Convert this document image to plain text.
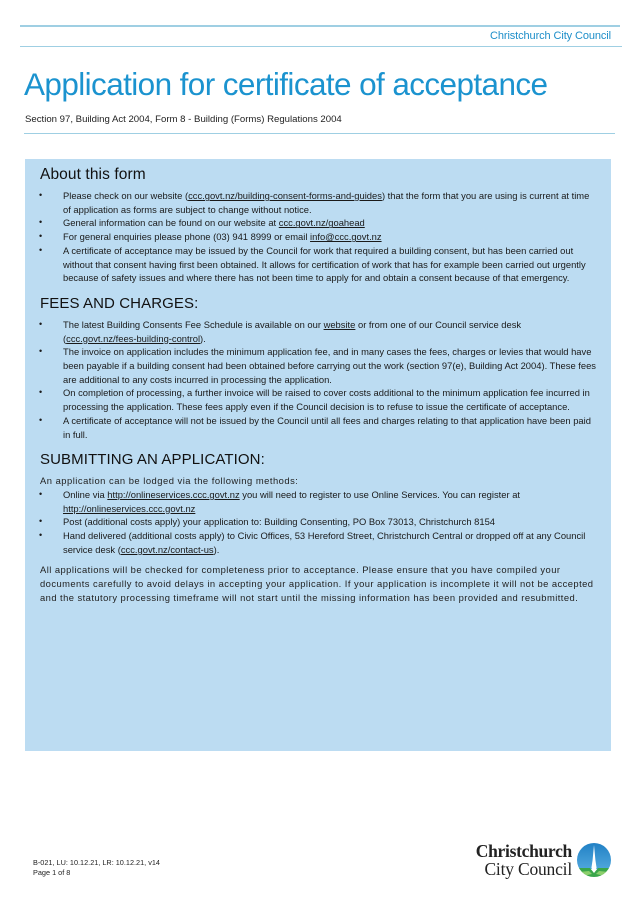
Christchurch City Council
Application for certificate of acceptance
Section 97, Building Act 2004, Form 8 - Building (Forms) Regulations 2004
About this form
• Please check on our website (ccc.govt.nz/building-consent-forms-and-guides) that the form that you are using is current at time of application as forms are subject to change without notice.
• General information can be found on our website at ccc.govt.nz/goahead
• For general enquiries please phone (03) 941 8999 or email info@ccc.govt.nz
• A certificate of acceptance may be issued by the Council for work that required a building consent, but has been carried out without that consent having first been obtained. It allows for certification of work that has for example been carried out urgently because of safety issues and where there has not been time to apply for and obtain a consent because of that emergency.
FEES AND CHARGES:
• The latest Building Consents Fee Schedule is available on our website or from one of our Council service desk (ccc.govt.nz/fees-building-control).
• The invoice on application includes the minimum application fee, and in many cases the fees, charges or levies that would have been payable if a building consent had been obtained before carrying out the work (section 97(e), Building Act 2004). These fees are additional to any costs incurred in processing the application.
• On completion of processing, a further invoice will be raised to cover costs additional to the minimum application fee incurred in processing the application. These fees apply even if the Council decision is to refuse to issue the certificate of acceptance.
• A certificate of acceptance will not be issued by the Council until all fees and charges relating to that application have been paid in full.
SUBMITTING AN APPLICATION:
An application can be lodged via the following methods:
• Online via http://onlineservices.ccc.govt.nz you will need to register to use Online Services. You can register at http://onlineservices.ccc.govt.nz
• Post (additional costs apply) your application to: Building Consenting, PO Box 73013, Christchurch 8154
• Hand delivered (additional costs apply) to Civic Offices, 53 Hereford Street, Christchurch Central or dropped off at any Council service desk (ccc.govt.nz/contact-us).
All applications will be checked for completeness prior to acceptance. Please ensure that you have compiled your documents carefully to avoid delays in accepting your application. If your application is incomplete it will not be accepted and the statutory processing timeframe will not start until the missing information has been provided and resubmitted.
B-021, LU: 10.12.21, LR: 10.12.21, v14
Page 1 of 8
Christchurch
City Council
